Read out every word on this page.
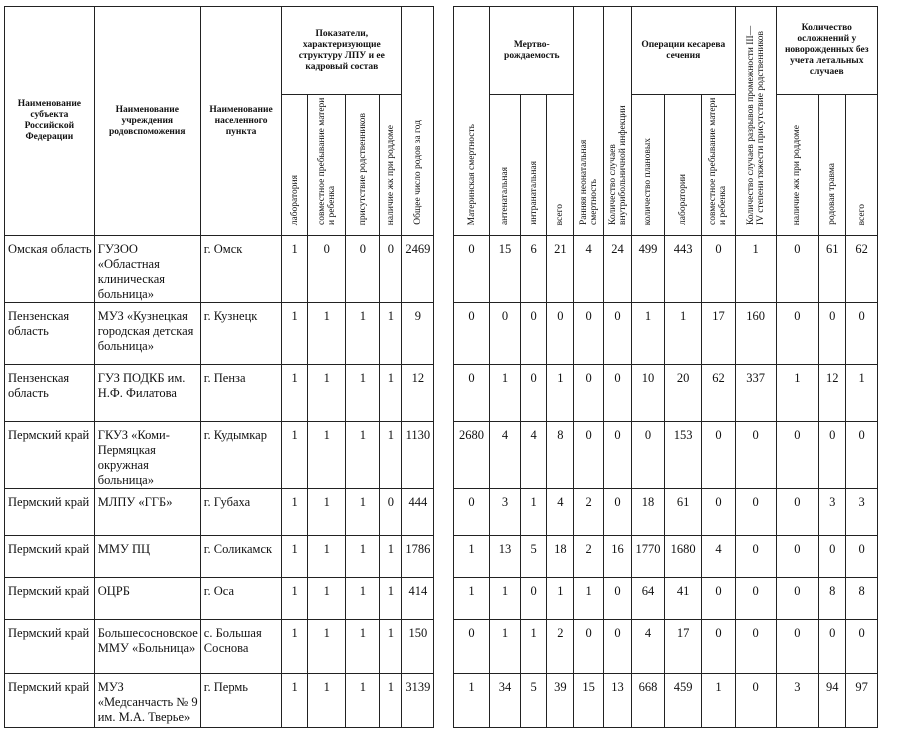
Наименование субъекта Российской Федерации	Наименование учреждения родовспоможения	Наименование населенного пункта	Показатели, характеризующие структуру ЛПУ и ее кадровый состав				Общее число родов за год		Материнская смертность	Мертво-рождаемость			Ранняя неонатальная смертность	Количество случаев внутрибольничной инфекции	Операции кесарева сечения			Количество случаев разрывов промежности III—IV степени тяжести присутствие родственников	Количество осложнений у новорожденных без учета летальных случаев		
			лаборатория	совместное пребывание матери и ребенка	присутствие родственников	наличие жк при роддоме				антенатальная	интранатальная	всего			количество плановых	лаборатории	совместное пребывание матери и ребенка		наличие жк при роддоме	родовая травма	всего
Омская область	ГУЗОО «Областная клиническая больница»	г. Омск	1	0	0	0	2469		0	15	6	21	4	24	499	443	0	1	0	61	62
Пензенская область	МУЗ «Кузнецкая городская детская больница»	г. Кузнецк	1	1	1	1	9		0	0	0	0	0	0	1	1	17	160	0	0	0
Пензенская область	ГУЗ ПОДКБ им. Н.Ф. Филатова	г. Пенза	1	1	1	1	12		0	1	0	1	0	0	10	20	62	337	1	12	1
Пермский край	ГКУЗ «Коми-Пермяцкая окружная больница»	г. Кудымкар	1	1	1	1	1130		2680	4	4	8	0	0	0	153	0	0	0	0	0
Пермский край	МЛПУ «ГГБ»	г. Губаха	1	1	1	0	444		0	3	1	4	2	0	18	61	0	0	0	3	3
Пермский край	ММУ ПЦ	г. Соликамск	1	1	1	1	1786		1	13	5	18	2	16	1770	1680	4	0	0	0	0
Пермский край	ОЦРБ	г. Оса	1	1	1	1	414		1	1	0	1	1	0	64	41	0	0	0	8	8
Пермский край	Большесосновское ММУ «Больница»	с. Большая Соснова	1	1	1	1	150		0	1	1	2	0	0	4	17	0	0	0	0	0
Пермский край	МУЗ «Медсанчасть № 9 им. М.А. Тверье»	г. Пермь	1	1	1	1	3139		1	34	5	39	15	13	668	459	1	0	3	94	97
